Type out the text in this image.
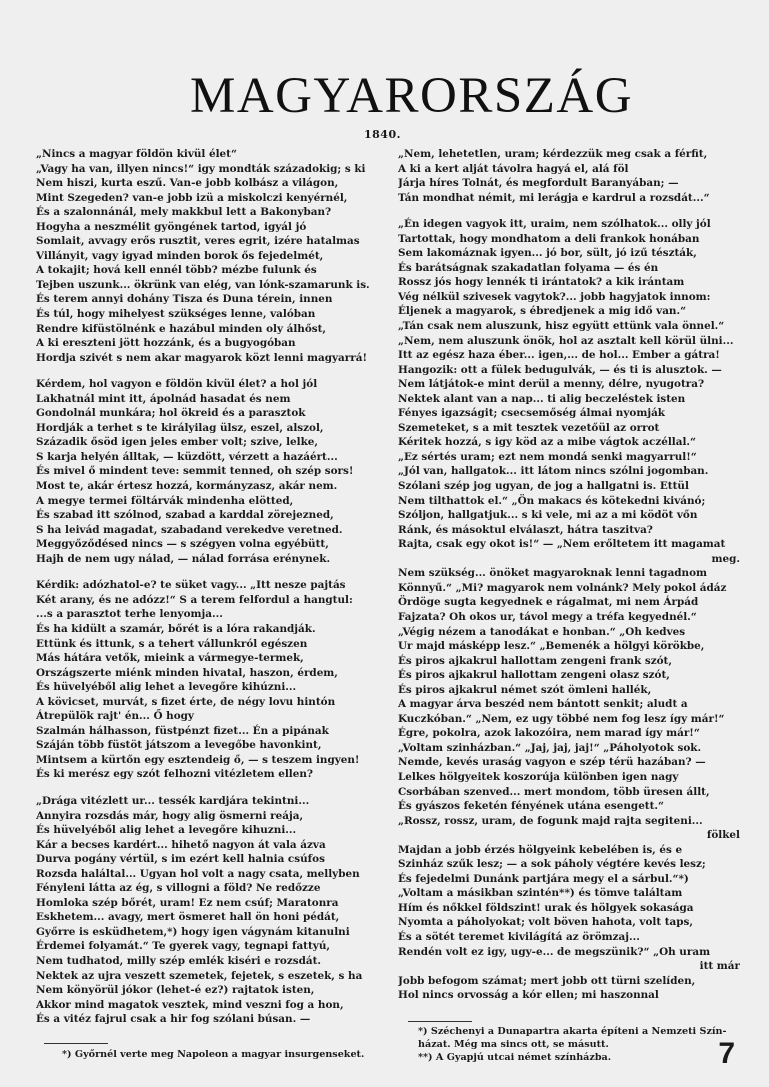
MAGYARORSZÁG
1840.
„Nincs a magyar földön kivül élet“
„Vagy ha van, illyen nincs!“ igy mondták századokig; s ki
Nem hiszi, kurta eszű. Van-e jobb kolbász a világon,
Mint Szegeden? van-e jobb izü a miskolczi kenyérnél,
És a szalonnánál, mely makkbul lett a Bakonyban?
Hogyha a neszmélit gyöngének tartod, igyál jó
Somlait, avvagy erős rusztit, veres egrit, izére hatalmas
Villányit, vagy igyad minden borok ős fejedelmét,
A tokajit; hová kell ennél több? mézbe fulunk és
Tejben uszunk... ökrünk van elég, van lónk-szamarunk is.
És terem annyi dohány Tisza és Duna térein, innen
És túl, hogy mihelyest szükséges lenne, valóban
Rendre kifüstölnénk e hazábul minden oly álhőst,
A ki ereszteni jött hozzánk, és a bugyogóban
Hordja szivét s nem akar magyarok közt lenni magyarrá!
Kérdem, hol vagyon e földön kivül élet? a hol jól
Lakhatnál mint itt, ápolnád hasadat és nem
Gondolnál munkára; hol ökreid és a parasztok
Hordják a terhet s te királyilag ülsz, eszel, alszol,
Századik ősöd igen jeles ember volt; szive, lelke,
S karja helyén álltak, — küzdött, vérzett a hazáért...
És mivel ő mindent teve: semmit tenned, oh szép sors!
Most te, akár értesz hozzá, kormányzasz, akár nem.
A megye termei föltárvák mindenha elötted,
És szabad itt szólnod, szabad a karddal zörejezned,
S ha leivád magadat, szabadand verekedve veretned.
Meggyőződésed nincs — s szégyen volna egyébütt,
Hajh de nem ugy nálad, — nálad forrása erénynek.
Kérdik: adózhatol-e? te süket vagy... „Itt nesze pajtás
Két arany, és ne adózz!“ S a terem felfordul a hangtul:
...s a parasztot terhe lenyomja...
És ha kidült a szamár, bőrét is a lóra rakandják.
Ettünk és ittunk, s a tehert vállunkról egészen
Más hátára vetők, mieink a vármegye-termek,
Országszerte miénk minden hivatal, haszon, érdem,
És hüvelyéből alig lehet a levegőre kihúzni...
A kövicset, murvát, s fizet érte, de négy lovu hintón
Átrepülök rajt' én... Ő hogy
Szalmán hálhasson, füstpénzt fizet... Én a pipának
Száján több füstöt játszom a levegőbe havonkint,
Mintsem a kürtőn egy esztendeig ő, — s teszem ingyen!
És ki merész egy szót felhozni vitézletem ellen?
„Drága vitézlett ur... tessék kardjára tekintni...
Annyira rozsdás már, hogy alig ösmerni reája,
És hüvelyéből alig lehet a levegőre kihuzni...
Kár a becses kardért... hihető nagyon át vala ázva
Durva pogány vértül, s im ezért kell halnia csúfos
Rozsda haláltal... Ugyan hol volt a nagy csata, mellyben
Fényleni látta az ég, s villogni a föld? Ne redőzze
Homloka szép bőrét, uram! Ez nem csúf; Maratonra
Eskhetem... avagy, mert ösmeret hall ön honi pédát,
Győrre is esküdhetem,*) hogy igen vágynám kitanulni
Érdemei folyamát.“ Te gyerek vagy, tegnapi fattyú,
Nem tudhatod, milly szép emlék kiséri e rozsdát.
Nektek az ujra veszett szemetek, fejetek, s eszetek, s ha
Nem könyörül jókor (lehet-é ez?) rajtatok isten,
Akkor mind magatok vesztek, mind veszni fog a hon,
És a vitéz fajrul csak a hir fog szólani búsan. —
„Nem, lehetetlen, uram; kérdezzük meg csak a férfit,
A ki a kert alját távolra hagyá el, alá föl
Járja híres Tolnát, és megfordult Baranyában; —
Tán mondhat némit, mi lerágja e kardrul a rozsdát...“
„Én idegen vagyok itt, uraim, nem szólhatok... olly jól
Tartottak, hogy mondhatom a deli frankok honában
Sem lakomáznak igyen... jó bor, sült, jó izű tészták,
És barátságnak szakadatlan folyama — és én
Rossz jós hogy lennék ti irántatok? a kik irántam
Vég nélkül szivesek vagytok?... jobb hagyjatok innom:
Éljenek a magyarok, s ébredjenek a mig idő van.“
„Tán csak nem aluszunk, hisz együtt ettünk vala önnel.“
„Nem, nem aluszunk önök, hol az asztalt kell körül ülni...
Itt az egész haza éber... igen,... de hol... Ember a gátra!
Hangozik: ott a fülek bedugulvák, — és ti is alusztok. —
Nem látjátok-e mint derül a menny, délre, nyugotra?
Nektek alant van a nap... ti alig beczeléstek isten
Fényes igazságit; csecsemőség álmai nyomják
Szemeteket, s a mit tesztek vezetőül az orrot
Kéritek hozzá, s igy köd az a mibe vágtok aczéllal.“
„Ez sértés uram; ezt nem mondá senki magyarrul!“
„Jól van, hallgatok... itt látom nincs szólni jogomban.
Szólani szép jog ugyan, de jog a hallgatni is. Ettül
Nem tilthattok el.“ „Ön makacs és kötekedni kivánó;
Szóljon, hallgatjuk... s ki vele, mi az a mi ködöt vőn
Ránk, és másoktul elválaszt, hátra taszitva?
Rajta, csak egy okot is!“ — „Nem erőltetem itt magamat
meg.
Nem szükség... önöket magyaroknak lenni tagadnom
Könnyű.“ „Mi? magyarok nem volnánk? Mely pokol ádáz
Ördöge sugta kegyednek e rágalmat, mi nem Árpád
Fajzata? Oh okos ur, távol megy a tréfa kegyednél.“
„Végig nézem a tanodákat e honban.“ „Oh kedves
Ur majd másképp lesz.“ „Bemenék a hölgyi körökbe,
És piros ajkakrul hallottam zengeni frank szót,
És piros ajkakrul hallottam zengeni olasz szót,
És piros ajkakrul német szót ömleni hallék,
A magyar árva beszéd nem bántott senkit; aludt a
Kuczkóban.“ „Nem, ez ugy többé nem fog lesz így már!“
Égre, pokolra, azok lakozóira, nem marad így már!“
„Voltam szinházban.“ „Jaj, jaj, jaj!“ „Páholyotok sok.
Nemde, kevés uraság vagyon e szép térü hazában? —
Lelkes hölgyeitek koszorúja különben igen nagy
Csorbában szenved... mert mondom, több üresen állt,
És gyászos feketén fényének utána esengett.“
„Rossz, rossz, uram, de fogunk majd rajta segiteni...
fölkel
Majdan a jobb érzés hölgyeink kebelében is, és e
Szinház szűk lesz; — a sok páholy végtére kevés lesz;
És fejedelmi Dunánk partjára megy el a sárbul.“*)
„Voltam a másikban szintén**) és tömve találtam
Hím és nőkkel földszint! urak és hölgyek sokasága
Nyomta a páholyokat; volt böven hahota, volt taps,
És a sötét teremet kivilágítá az örömzaj...
Rendén volt ez igy, ugy-e... de megszünik?“ „Oh uram
itt már
Jobb befogom számat; mert jobb ott türni szelíden,
Hol nincs orvosság a kór ellen; mi haszonnal
*) Győrnél verte meg Napoleon a magyar insurgenseket.
*) Széchenyi a Dunapartra akarta építeni a Nemzeti Szín-
házat. Még ma sincs ott, se másutt.
**) A Gyapjú utcai német színházba.	7
